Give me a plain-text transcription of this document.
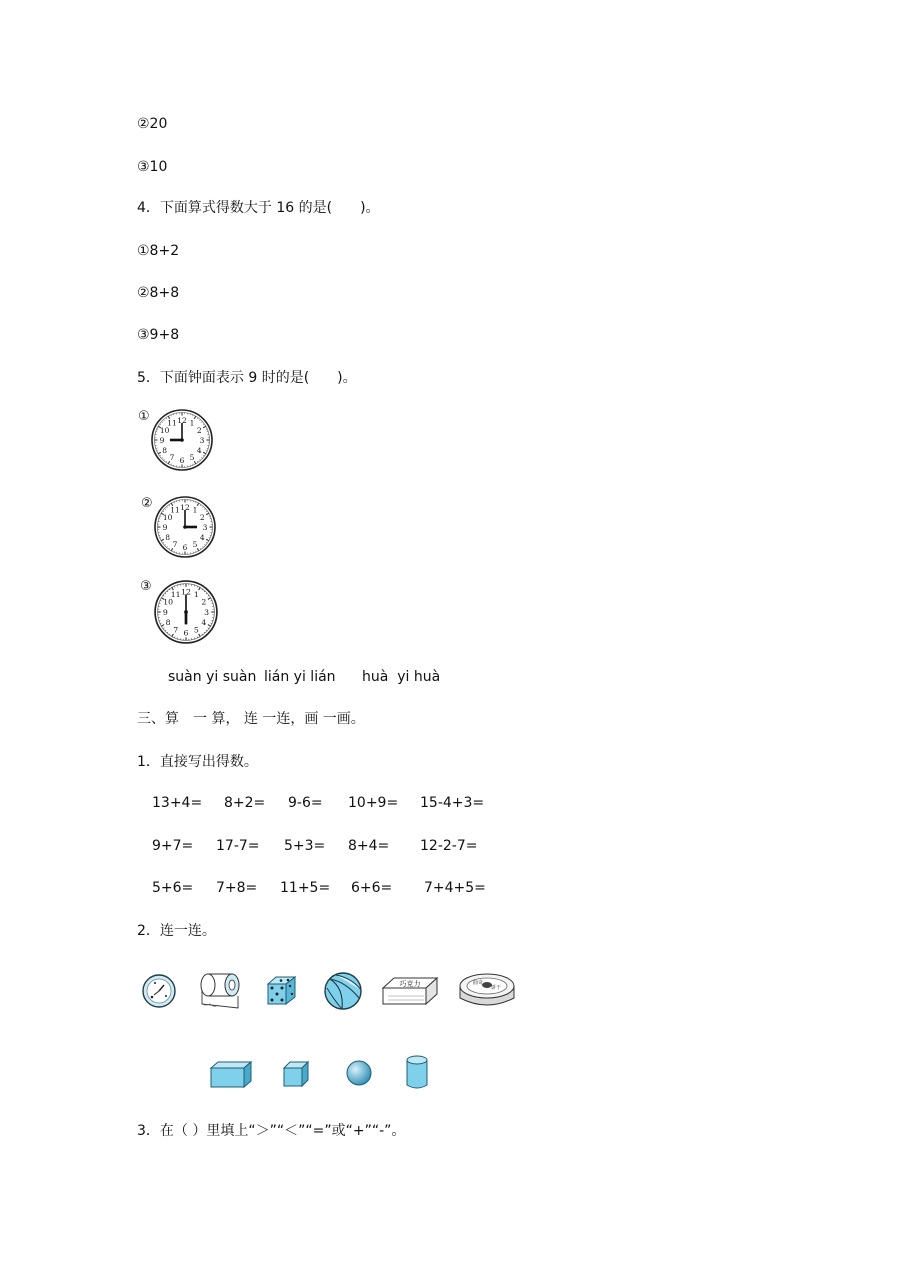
②20
③10
4．下面算式得数大于 16 的是(　　)。
①8+2
②8+8
③9+8
5．下面钟面表示 9 时的是(　　)。
①	12 1
2
3
4
5
6
7
8
9
10
11
②	12 1
2
3
4
5
6
7
8
9
10
11
③	12 1
2
3
4
5
6
7
8
9
10
11
suàn yi suàn lián yi lián huà  yi huà
三、算　一 算， 连 一连，画 一画。
1．直接写出得数。
13+4= 8+2= 9-6= 10+9= 15-4+3=
9+7= 17-7= 5+3= 8+4= 12-2-7=
5+6= 7+8= 11+5= 6+6= 7+4+5=
2．连一连。
巧克力	曲奇
饼干
3．在（ ）里填上“＞”“＜”“=”或“+”“-”。
